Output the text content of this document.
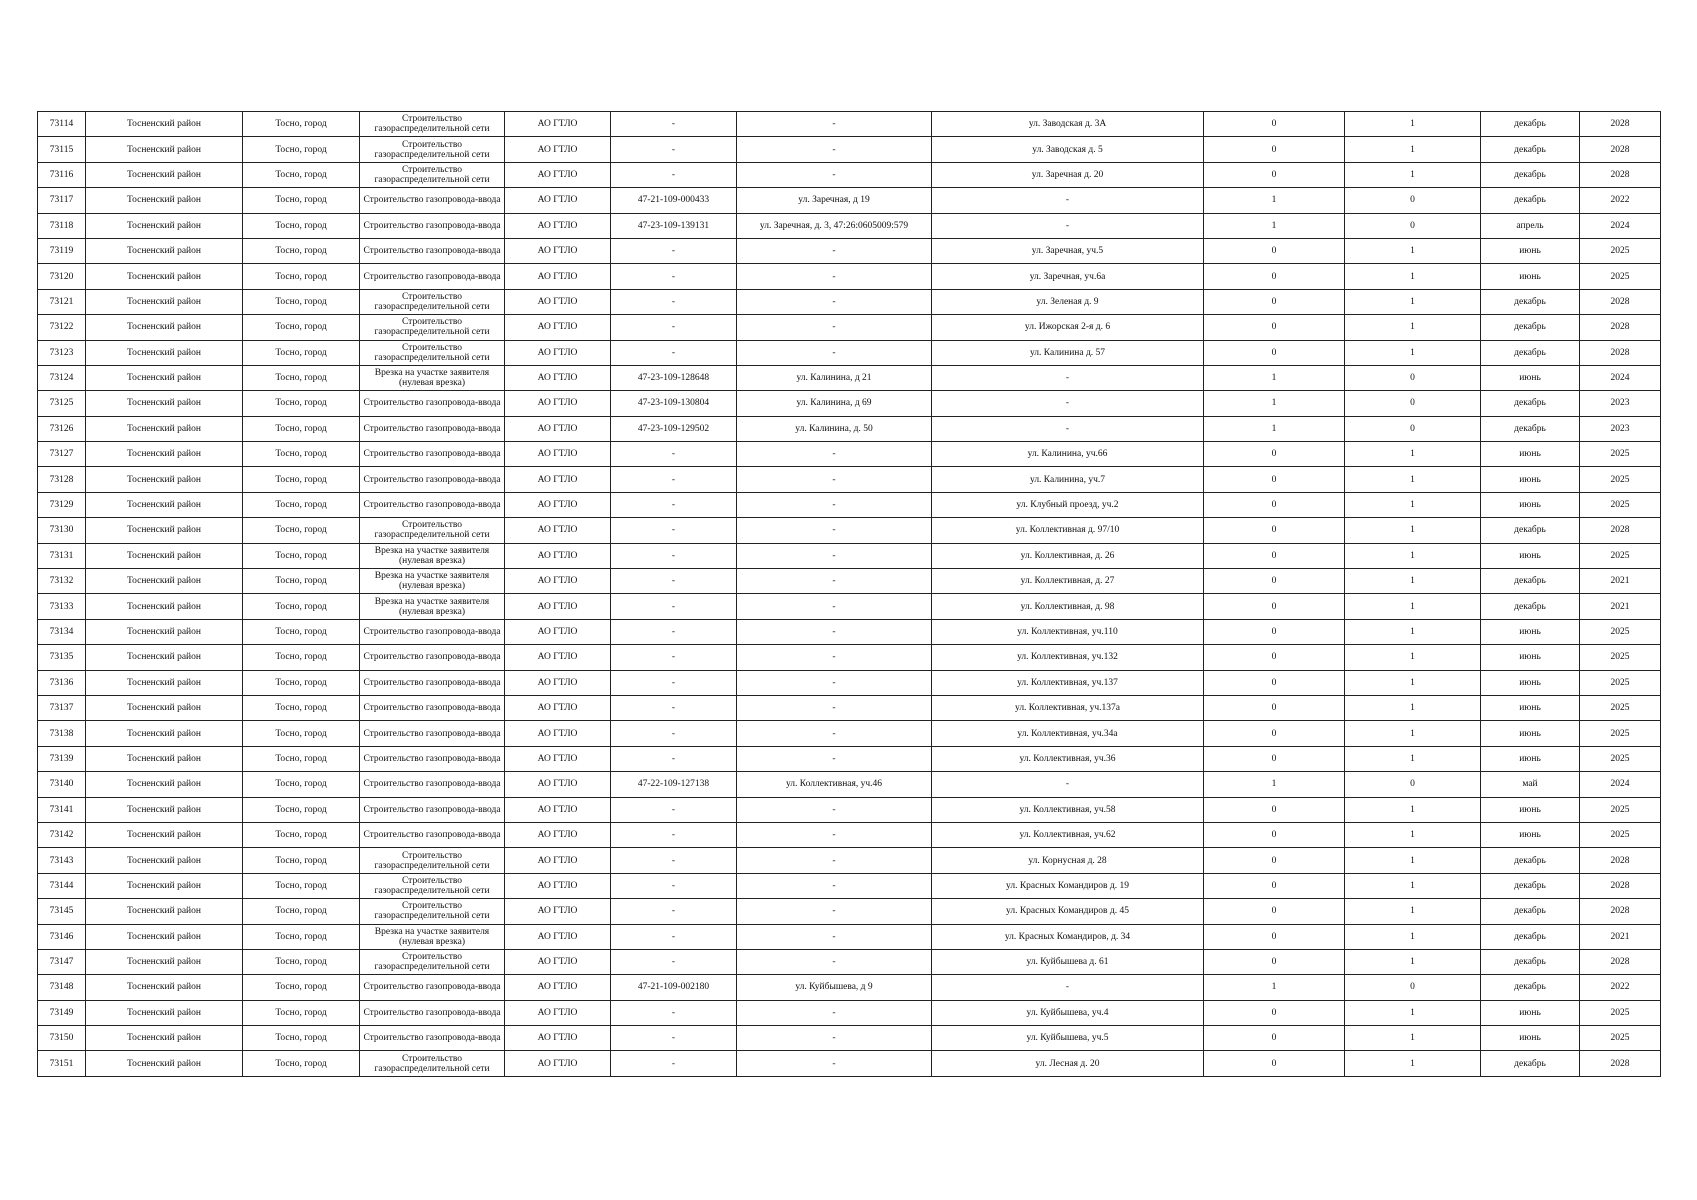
73114	Тосненский район	Тосно, город	Строительство газораспределительной сети	АО ГТЛО	-	-	ул. Заводская д. 3А	0	1	декабрь	2028
73115	Тосненский район	Тосно, город	Строительство газораспределительной сети	АО ГТЛО	-	-	ул. Заводская д. 5	0	1	декабрь	2028
73116	Тосненский район	Тосно, город	Строительство газораспределительной сети	АО ГТЛО	-	-	ул. Заречная д. 20	0	1	декабрь	2028
73117	Тосненский район	Тосно, город	Строительство газопровода-ввода	АО ГТЛО	47-21-109-000433	ул. Заречная, д 19	-	1	0	декабрь	2022
73118	Тосненский район	Тосно, город	Строительство газопровода-ввода	АО ГТЛО	47-23-109-139131	ул. Заречная, д. 3, 47:26:0605009:579	-	1	0	апрель	2024
73119	Тосненский район	Тосно, город	Строительство газопровода-ввода	АО ГТЛО	-	-	ул. Заречная, уч.5	0	1	июнь	2025
73120	Тосненский район	Тосно, город	Строительство газопровода-ввода	АО ГТЛО	-	-	ул. Заречная, уч.6а	0	1	июнь	2025
73121	Тосненский район	Тосно, город	Строительство газораспределительной сети	АО ГТЛО	-	-	ул. Зеленая д. 9	0	1	декабрь	2028
73122	Тосненский район	Тосно, город	Строительство газораспределительной сети	АО ГТЛО	-	-	ул. Ижорская 2-я д. 6	0	1	декабрь	2028
73123	Тосненский район	Тосно, город	Строительство газораспределительной сети	АО ГТЛО	-	-	ул. Калинина д. 57	0	1	декабрь	2028
73124	Тосненский район	Тосно, город	Врезка на участке заявителя (нулевая врезка)	АО ГТЛО	47-23-109-128648	ул. Калинина, д 21	-	1	0	июнь	2024
73125	Тосненский район	Тосно, город	Строительство газопровода-ввода	АО ГТЛО	47-23-109-130804	ул. Калинина, д 69	-	1	0	декабрь	2023
73126	Тосненский район	Тосно, город	Строительство газопровода-ввода	АО ГТЛО	47-23-109-129502	ул. Калинина, д. 50	-	1	0	декабрь	2023
73127	Тосненский район	Тосно, город	Строительство газопровода-ввода	АО ГТЛО	-	-	ул. Калинина, уч.66	0	1	июнь	2025
73128	Тосненский район	Тосно, город	Строительство газопровода-ввода	АО ГТЛО	-	-	ул. Калинина, уч.7	0	1	июнь	2025
73129	Тосненский район	Тосно, город	Строительство газопровода-ввода	АО ГТЛО	-	-	ул. Клубный проезд, уч.2	0	1	июнь	2025
73130	Тосненский район	Тосно, город	Строительство газораспределительной сети	АО ГТЛО	-	-	ул. Коллективная д. 97/10	0	1	декабрь	2028
73131	Тосненский район	Тосно, город	Врезка на участке заявителя (нулевая врезка)	АО ГТЛО	-	-	ул. Коллективная, д. 26	0	1	июнь	2025
73132	Тосненский район	Тосно, город	Врезка на участке заявителя (нулевая врезка)	АО ГТЛО	-	-	ул. Коллективная, д. 27	0	1	декабрь	2021
73133	Тосненский район	Тосно, город	Врезка на участке заявителя (нулевая врезка)	АО ГТЛО	-	-	ул. Коллективная, д. 98	0	1	декабрь	2021
73134	Тосненский район	Тосно, город	Строительство газопровода-ввода	АО ГТЛО	-	-	ул. Коллективная, уч.110	0	1	июнь	2025
73135	Тосненский район	Тосно, город	Строительство газопровода-ввода	АО ГТЛО	-	-	ул. Коллективная, уч.132	0	1	июнь	2025
73136	Тосненский район	Тосно, город	Строительство газопровода-ввода	АО ГТЛО	-	-	ул. Коллективная, уч.137	0	1	июнь	2025
73137	Тосненский район	Тосно, город	Строительство газопровода-ввода	АО ГТЛО	-	-	ул. Коллективная, уч.137а	0	1	июнь	2025
73138	Тосненский район	Тосно, город	Строительство газопровода-ввода	АО ГТЛО	-	-	ул. Коллективная, уч.34а	0	1	июнь	2025
73139	Тосненский район	Тосно, город	Строительство газопровода-ввода	АО ГТЛО	-	-	ул. Коллективная, уч.36	0	1	июнь	2025
73140	Тосненский район	Тосно, город	Строительство газопровода-ввода	АО ГТЛО	47-22-109-127138	ул. Коллективная, уч.46	-	1	0	май	2024
73141	Тосненский район	Тосно, город	Строительство газопровода-ввода	АО ГТЛО	-	-	ул. Коллективная, уч.58	0	1	июнь	2025
73142	Тосненский район	Тосно, город	Строительство газопровода-ввода	АО ГТЛО	-	-	ул. Коллективная, уч.62	0	1	июнь	2025
73143	Тосненский район	Тосно, город	Строительство газораспределительной сети	АО ГТЛО	-	-	ул. Корнусная д. 28	0	1	декабрь	2028
73144	Тосненский район	Тосно, город	Строительство газораспределительной сети	АО ГТЛО	-	-	ул. Красных Командиров д. 19	0	1	декабрь	2028
73145	Тосненский район	Тосно, город	Строительство газораспределительной сети	АО ГТЛО	-	-	ул. Красных Командиров д. 45	0	1	декабрь	2028
73146	Тосненский район	Тосно, город	Врезка на участке заявителя (нулевая врезка)	АО ГТЛО	-	-	ул. Красных Командиров, д. 34	0	1	декабрь	2021
73147	Тосненский район	Тосно, город	Строительство газораспределительной сети	АО ГТЛО	-	-	ул. Куйбышева д. 61	0	1	декабрь	2028
73148	Тосненский район	Тосно, город	Строительство газопровода-ввода	АО ГТЛО	47-21-109-002180	ул. Куйбышева, д 9	-	1	0	декабрь	2022
73149	Тосненский район	Тосно, город	Строительство газопровода-ввода	АО ГТЛО	-	-	ул. Куйбышева, уч.4	0	1	июнь	2025
73150	Тосненский район	Тосно, город	Строительство газопровода-ввода	АО ГТЛО	-	-	ул. Куйбышева, уч.5	0	1	июнь	2025
73151	Тосненский район	Тосно, город	Строительство газораспределительной сети	АО ГТЛО	-	-	ул. Лесная д. 20	0	1	декабрь	2028
